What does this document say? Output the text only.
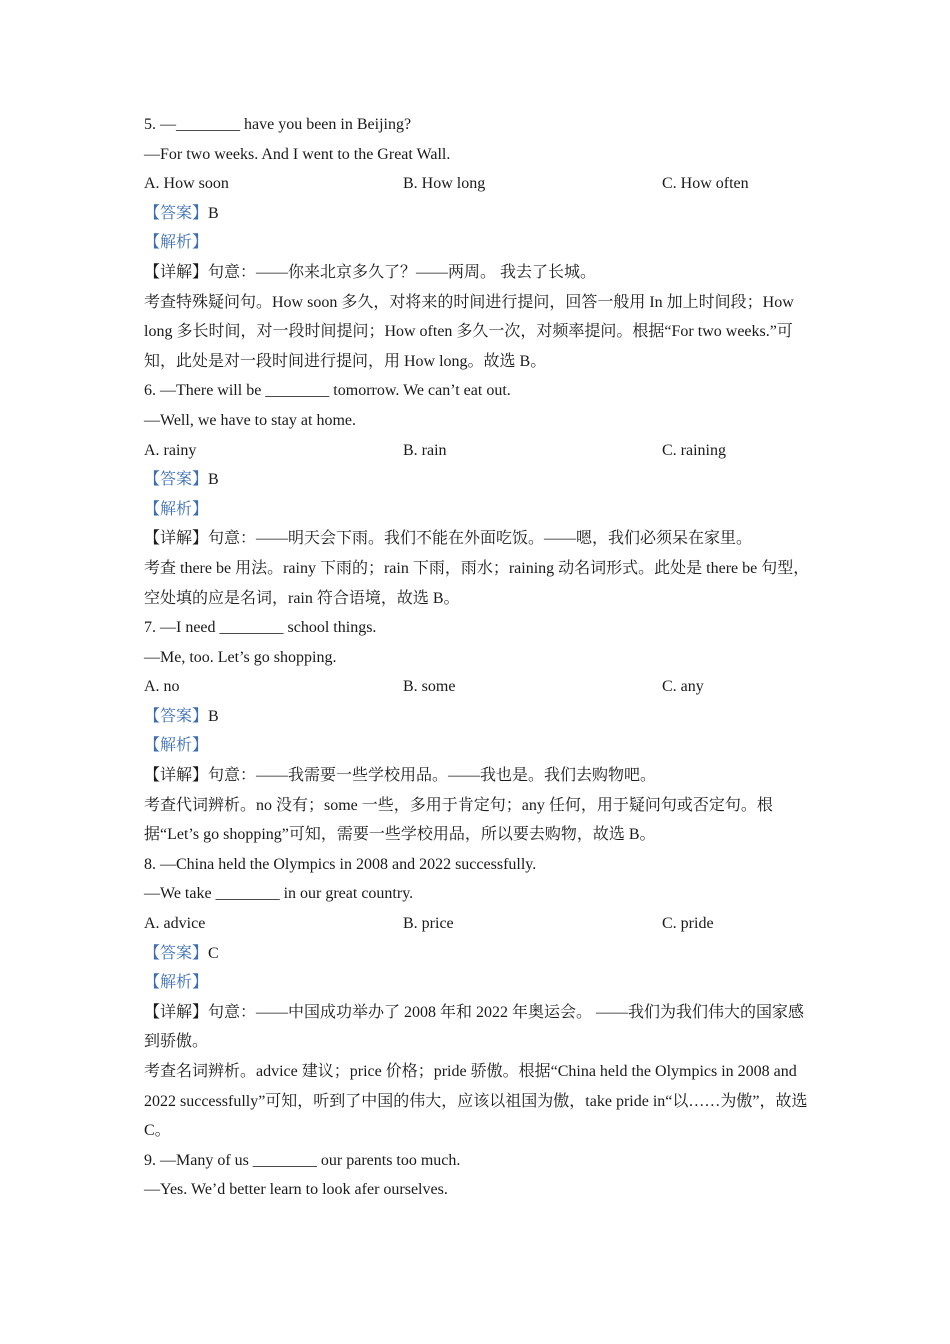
5. —________ have you been in Beijing?
—For two weeks. And I went to the Great Wall.
A. How soon	B. How long	C. How often
【答案】B
【解析】
【详解】句意：——你来北京多久了？——两周。 我去了长城。
考查特殊疑问句。How soon 多久，对将来的时间进行提问，回答一般用 In 加上时间段；How long 多长时间，对一段时间提问；How often 多久一次，对频率提问。根据“For two weeks.”可知，此处是对一段时间进行提问，用 How long。故选 B。
6. —There will be ________ tomorrow. We can’t eat out.
—Well, we have to stay at home.
A. rainy	B. rain	C. raining
【答案】B
【解析】
【详解】句意：——明天会下雨。我们不能在外面吃饭。——嗯，我们必须呆在家里。
考查 there be 用法。rainy 下雨的；rain 下雨，雨水；raining 动名词形式。此处是 there be 句型，空处填的应是名词，rain 符合语境，故选 B。
7. —I need ________ school things.
—Me, too. Let’s go shopping.
A. no	B. some	C. any
【答案】B
【解析】
【详解】句意：——我需要一些学校用品。——我也是。我们去购物吧。
考查代词辨析。no 没有；some 一些，多用于肯定句；any 任何，用于疑问句或否定句。根据“Let’s go shopping”可知，需要一些学校用品，所以要去购物，故选 B。
8. —China held the Olympics in 2008 and 2022 successfully.
—We take ________ in our great country.
A. advice	B. price	C. pride
【答案】C
【解析】
【详解】句意：——中国成功举办了 2008 年和 2022 年奥运会。 ——我们为我们伟大的国家感到骄傲。
考查名词辨析。advice 建议；price 价格；pride 骄傲。根据“China held the Olympics in 2008 and 2022 successfully”可知，听到了中国的伟大，应该以祖国为傲，take pride in“以……为傲”，故选 C。
9. —Many of us ________ our parents too much.
—Yes. We’d better learn to look afer ourselves.
